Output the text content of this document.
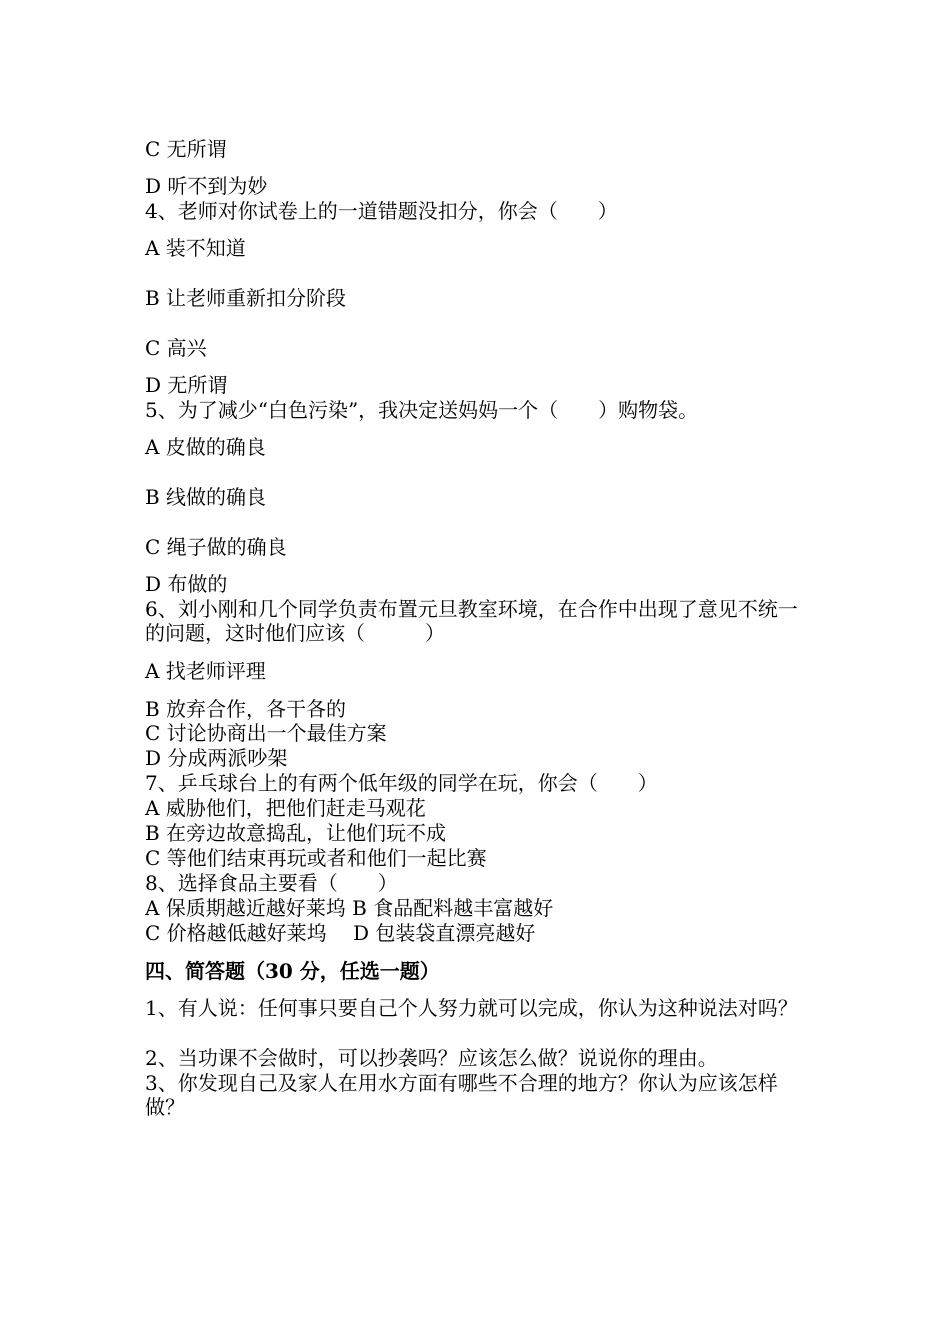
C 无所谓
D 听不到为妙
4、老师对你试卷上的一道错题没扣分，你会（　　）
A 装不知道
B 让老师重新扣分阶段
C 高兴
D 无所谓
5、为了减少“白色污染”，我决定送妈妈一个（　　）购物袋。
A 皮做的确良
B 线做的确良
C 绳子做的确良
D 布做的
6、刘小刚和几个同学负责布置元旦教室环境，在合作中出现了意见不统一的问题，这时他们应该（　　　）
A 找老师评理
B 放弃合作，各干各的
C 讨论协商出一个最佳方案
D 分成两派吵架
7、乒乓球台上的有两个低年级的同学在玩，你会（　　）
A 威胁他们，把他们赶走马观花
B 在旁边故意捣乱，让他们玩不成
C 等他们结束再玩或者和他们一起比赛
8、选择食品主要看（　　）
A 保质期越近越好莱坞 B 食品配料越丰富越好
C 价格越低越好莱坞　 D 包装袋直漂亮越好
四、简答题（30 分，任选一题）
1、有人说：任何事只要自己个人努力就可以完成，你认为这种说法对吗？
2、当功课不会做时，可以抄袭吗？应该怎么做？说说你的理由。
3、你发现自己及家人在用水方面有哪些不合理的地方？你认为应该怎样做？
